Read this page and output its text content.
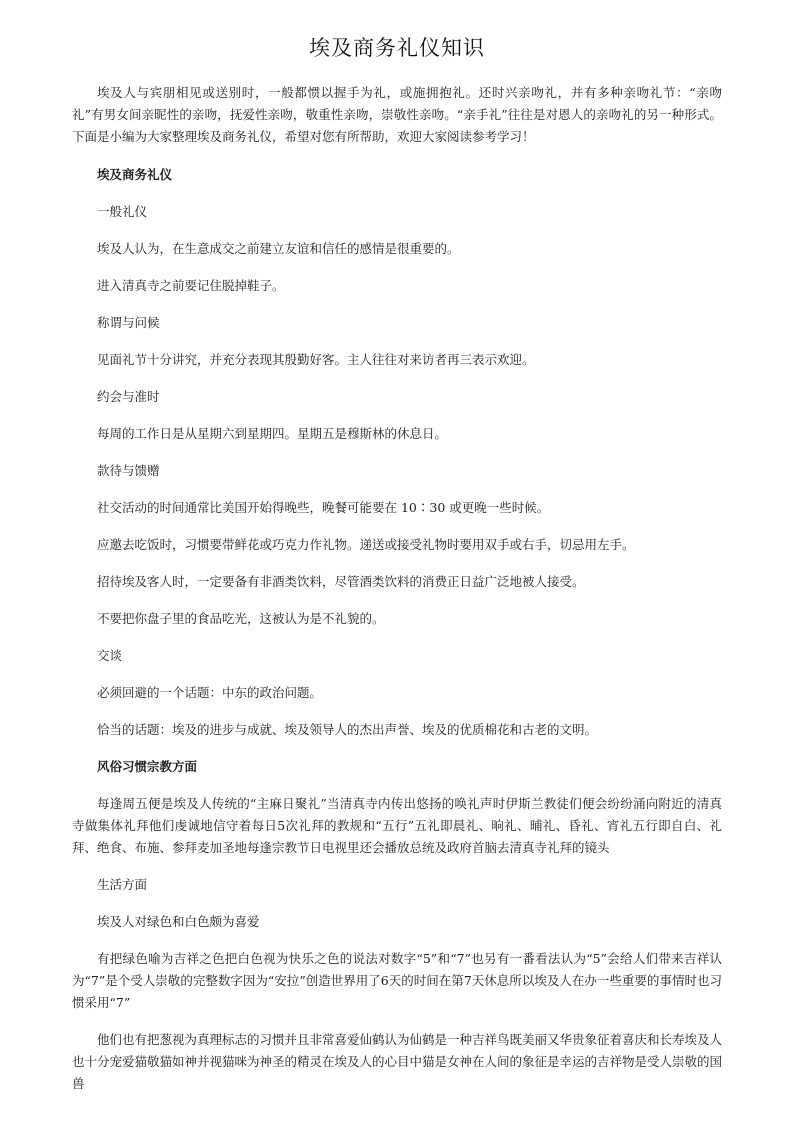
埃及商务礼仪知识

埃及人与宾朋相见或送别时，一般都惯以握手为礼，或施拥抱礼。还时兴亲吻礼，并有多种亲吻礼节：“亲吻礼”有男女间亲昵性的亲吻，抚爱性亲吻，敬重性亲吻，崇敬性亲吻。“亲手礼”往往是对恩人的亲吻礼的另一种形式。下面是小编为大家整理埃及商务礼仪，希望对您有所帮助，欢迎大家阅读参考学习！

埃及商务礼仪

一般礼仪

埃及人认为，在生意成交之前建立友谊和信任的感情是很重要的。

进入清真寺之前要记住脱掉鞋子。

称谓与问候

见面礼节十分讲究，并充分表现其殷勤好客。主人往往对来访者再三表示欢迎。

约会与准时

每周的工作日是从星期六到星期四。星期五是穆斯林的休息日。

款待与馈赠

社交活动的时间通常比美国开始得晚些，晚餐可能要在 10∶30 或更晚一些时候。

应邀去吃饭时，习惯要带鲜花或巧克力作礼物。递送或接受礼物时要用双手或右手，切忌用左手。

招待埃及客人时，一定要备有非酒类饮料，尽管酒类饮料的消费正日益广泛地被人接受。

不要把你盘子里的食品吃光，这被认为是不礼貌的。

交谈

必须回避的一个话题：中东的政治问题。

恰当的话题：埃及的进步与成就、埃及领导人的杰出声誉、埃及的优质棉花和古老的文明。

风俗习惯宗教方面

每逢周五便是埃及人传统的“主麻日聚礼”当清真寺内传出悠扬的唤礼声时伊斯兰教徒们便会纷纷涌向附近的清真寺做集体礼拜他们虔诚地信守着每日5次礼拜的教规和“五行”五礼即晨礼、晌礼、晡礼、昏礼、宵礼五行即自白、礼拜、绝食、布施、参拜麦加圣地每逢宗教节日电视里还会播放总统及政府首脑去清真寺礼拜的镜头

生活方面

埃及人对绿色和白色颇为喜爱

有把绿色喻为吉祥之色把白色视为快乐之色的说法对数字“5”和“7”也另有一番看法认为“5”会给人们带来吉祥认为“7”是个受人崇敬的完整数字因为“安拉”创造世界用了6天的时间在第7天休息所以埃及人在办一些重要的事情时也习惯采用“7”

他们也有把葱视为真理标志的习惯并且非常喜爱仙鹤认为仙鹤是一种吉祥鸟既美丽又华贵象征着喜庆和长寿埃及人也十分宠爱猫敬猫如神并视猫咪为神圣的精灵在埃及人的心目中猫是女神在人间的象征是幸运的吉祥物是受人崇敬的国兽
